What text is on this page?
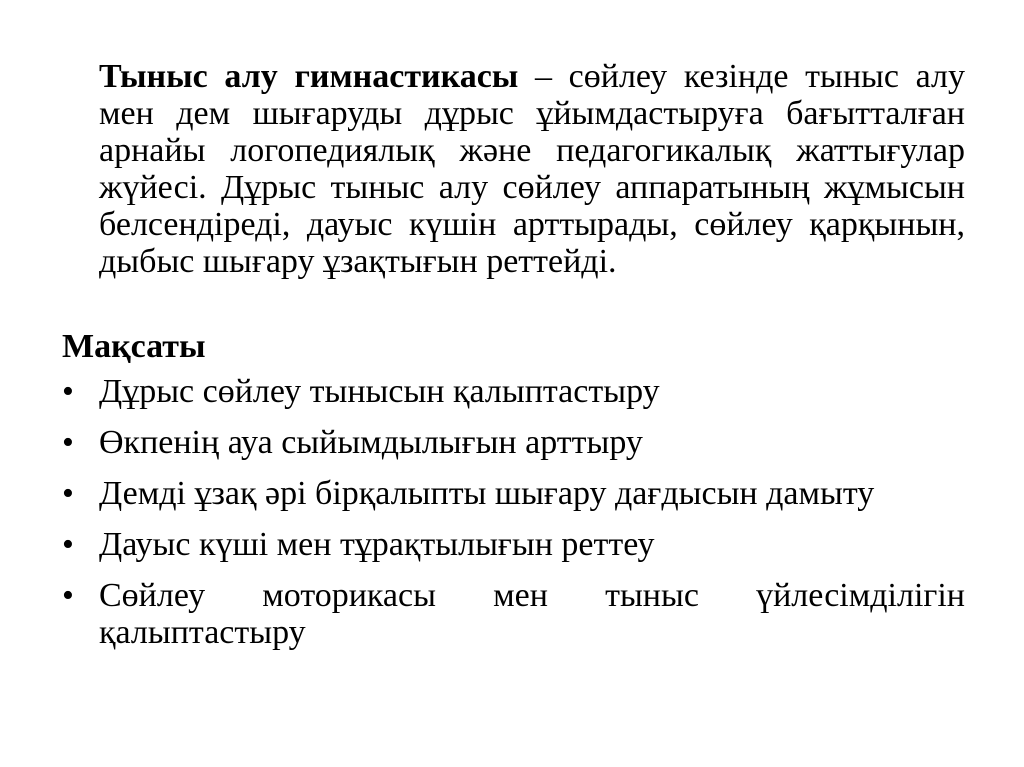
Тыныс алу гимнастикасы – сөйлеу кезінде тыныс алу мен дем шығаруды дұрыс ұйымдастыруға бағытталған арнайы логопедиялық және педагогикалық жаттығулар жүйесі. Дұрыс тыныс алу сөйлеу аппаратының жұмысын белсендіреді, дауыс күшін арттырады, сөйлеу қарқынын, дыбыс шығару ұзақтығын реттейді.

Мақсаты
• Дұрыс сөйлеу тынысын қалыптастыру
• Өкпенің ауа сыйымдылығын арттыру
• Демді ұзақ әрі бірқалыпты шығару дағдысын дамыту
• Дауыс күші мен тұрақтылығын реттеу
• Сөйлеу моторикасы мен тыныс үйлесімділігін қалыптастыру
